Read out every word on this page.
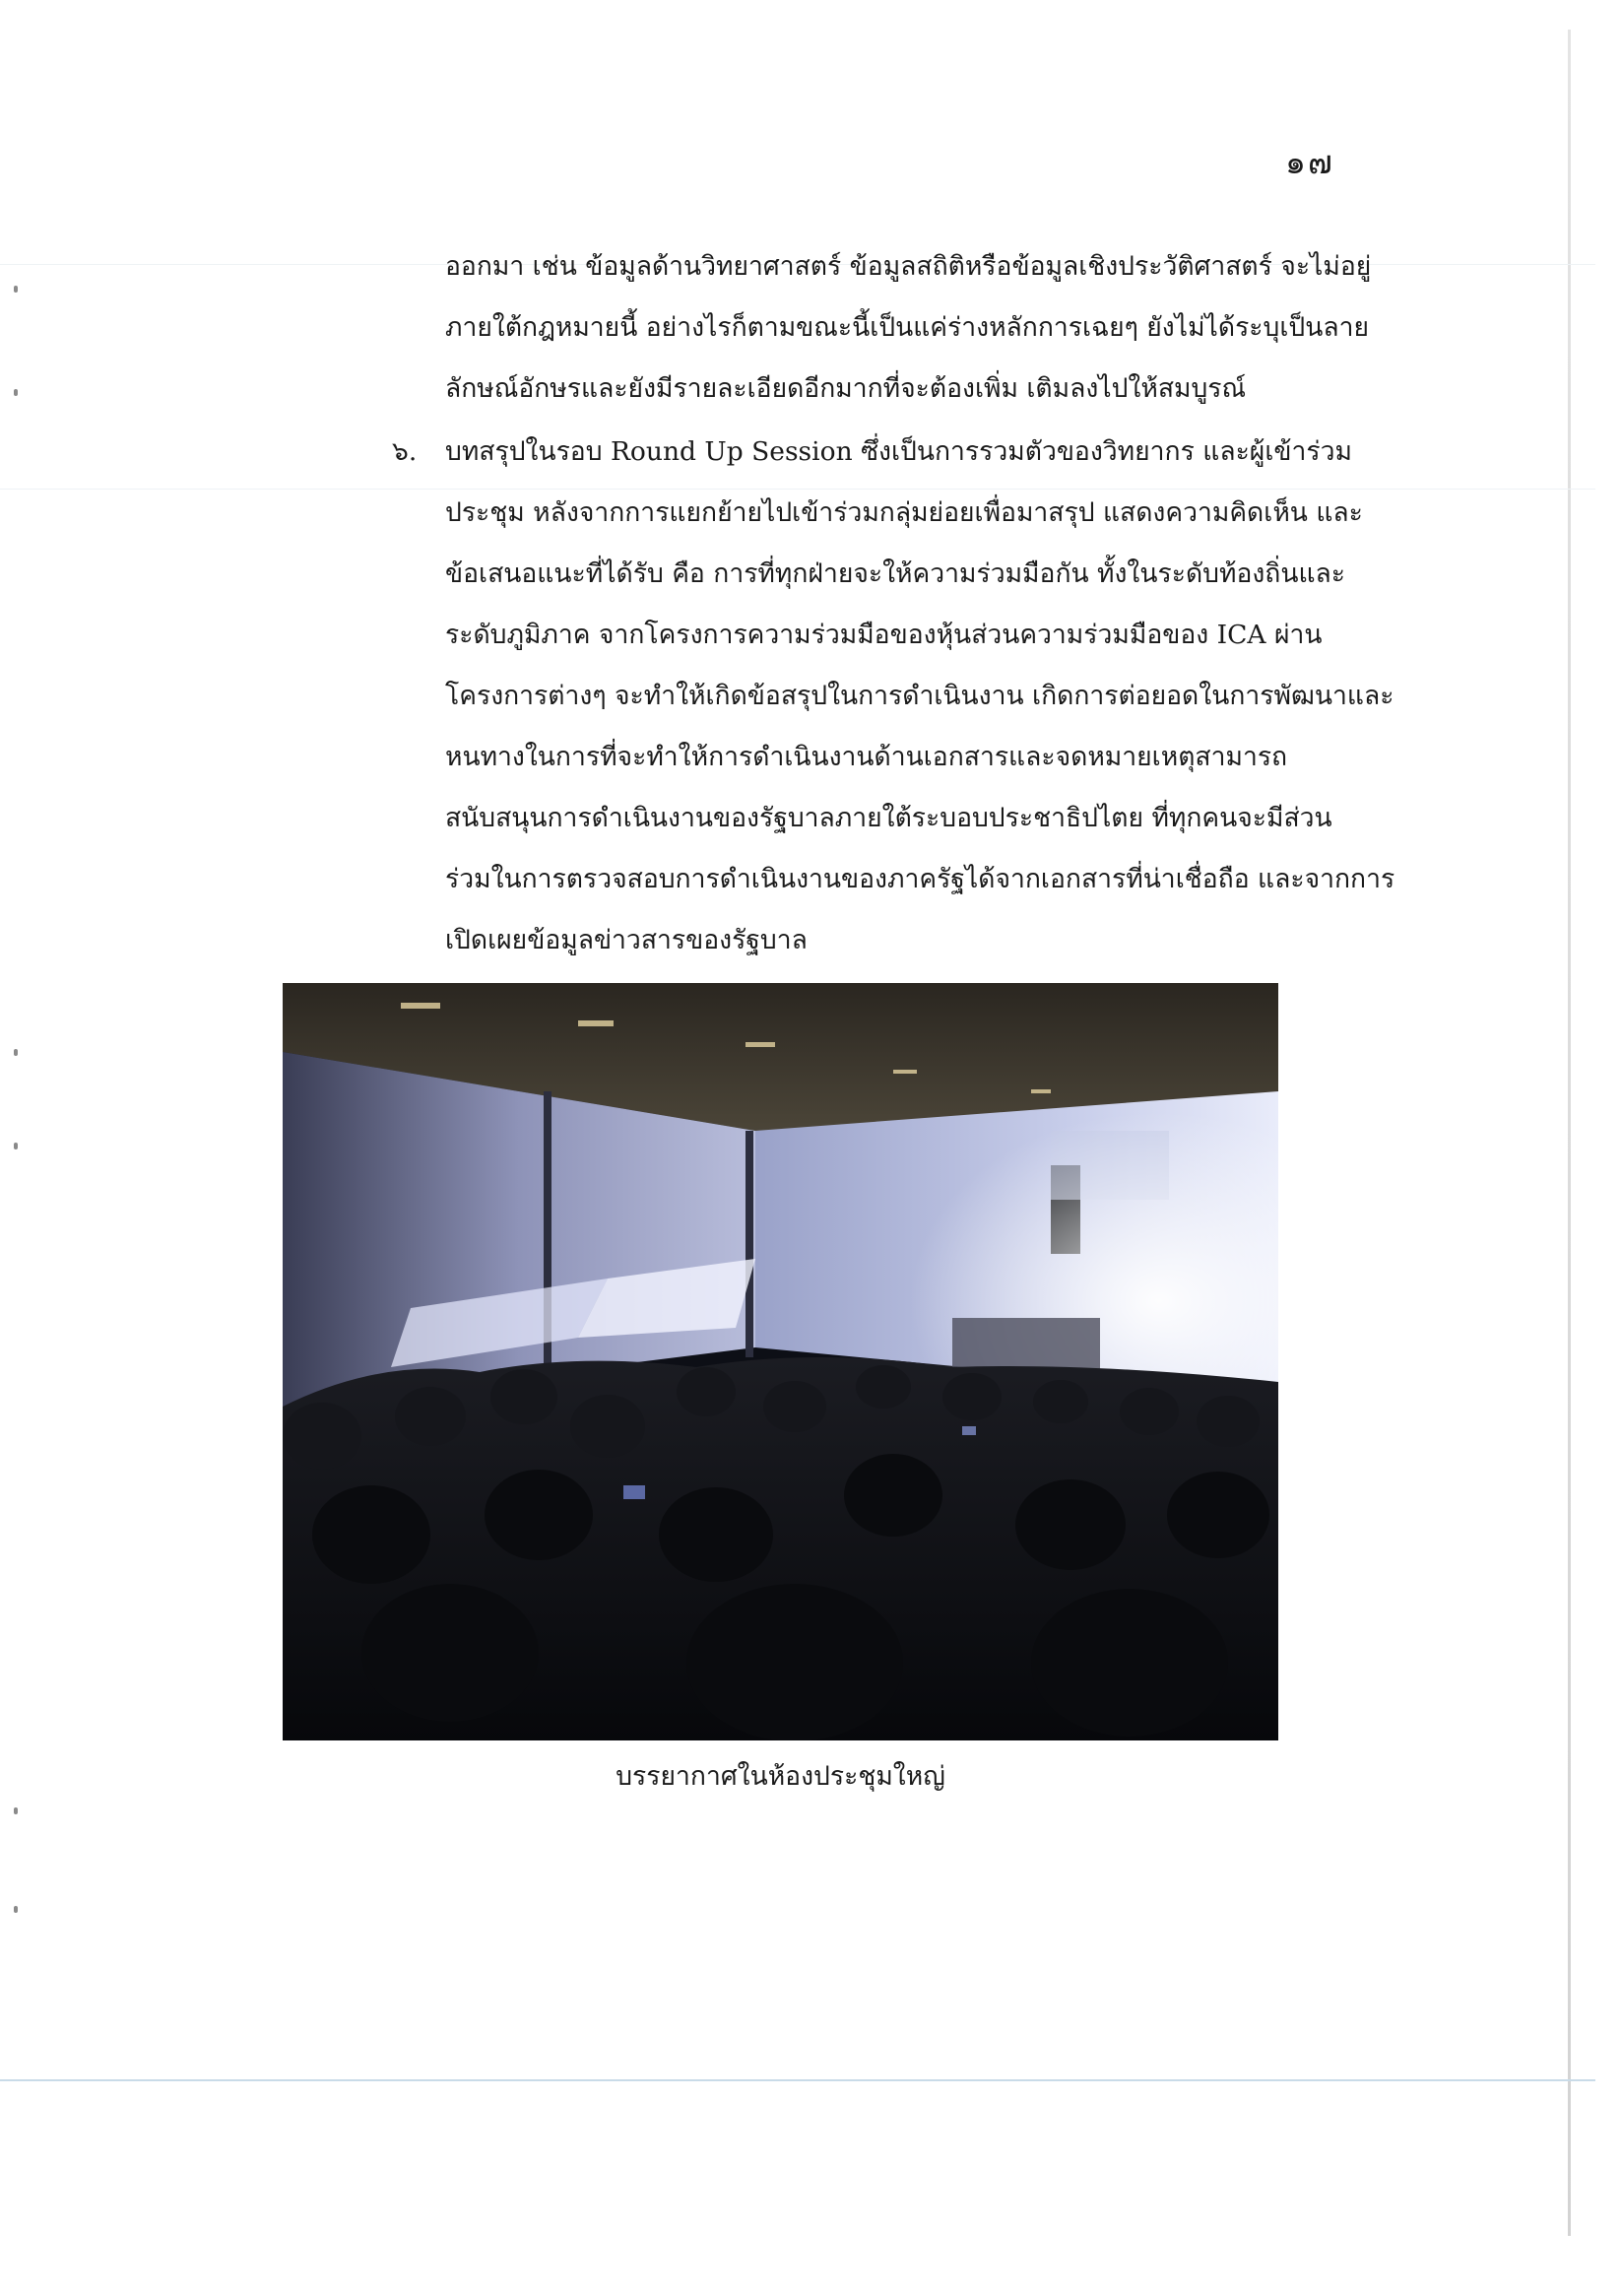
๑๗

ออกมา เช่น ข้อมูลด้านวิทยาศาสตร์ ข้อมูลสถิติหรือข้อมูลเชิงประวัติศาสตร์ จะไม่อยู่
ภายใต้กฎหมายนี้ อย่างไรก็ตามขณะนี้เป็นแค่ร่างหลักการเฉยๆ ยังไม่ได้ระบุเป็นลาย
ลักษณ์อักษรและยังมีรายละเอียดอีกมากที่จะต้องเพิ่ม เติมลงไปให้สมบูรณ์

๖. บทสรุปในรอบ Round Up Session ซึ่งเป็นการรวมตัวของวิทยากร และผู้เข้าร่วม
ประชุม หลังจากการแยกย้ายไปเข้าร่วมกลุ่มย่อยเพื่อมาสรุป แสดงความคิดเห็น และ
ข้อเสนอแนะที่ได้รับ คือ การที่ทุกฝ่ายจะให้ความร่วมมือกัน ทั้งในระดับท้องถิ่นและ
ระดับภูมิภาค จากโครงการความร่วมมือของหุ้นส่วนความร่วมมือของ ICA ผ่าน
โครงการต่างๆ จะทำให้เกิดข้อสรุปในการดำเนินงาน เกิดการต่อยอดในการพัฒนาและ
หนทางในการที่จะทำให้การดำเนินงานด้านเอกสารและจดหมายเหตุสามารถ
สนับสนุนการดำเนินงานของรัฐบาลภายใต้ระบอบประชาธิปไตย ที่ทุกคนจะมีส่วน
ร่วมในการตรวจสอบการดำเนินงานของภาครัฐได้จากเอกสารที่น่าเชื่อถือ และจากการ
เปิดเผยข้อมูลข่าวสารของรัฐบาล

บรรยากาศในห้องประชุมใหญ่
